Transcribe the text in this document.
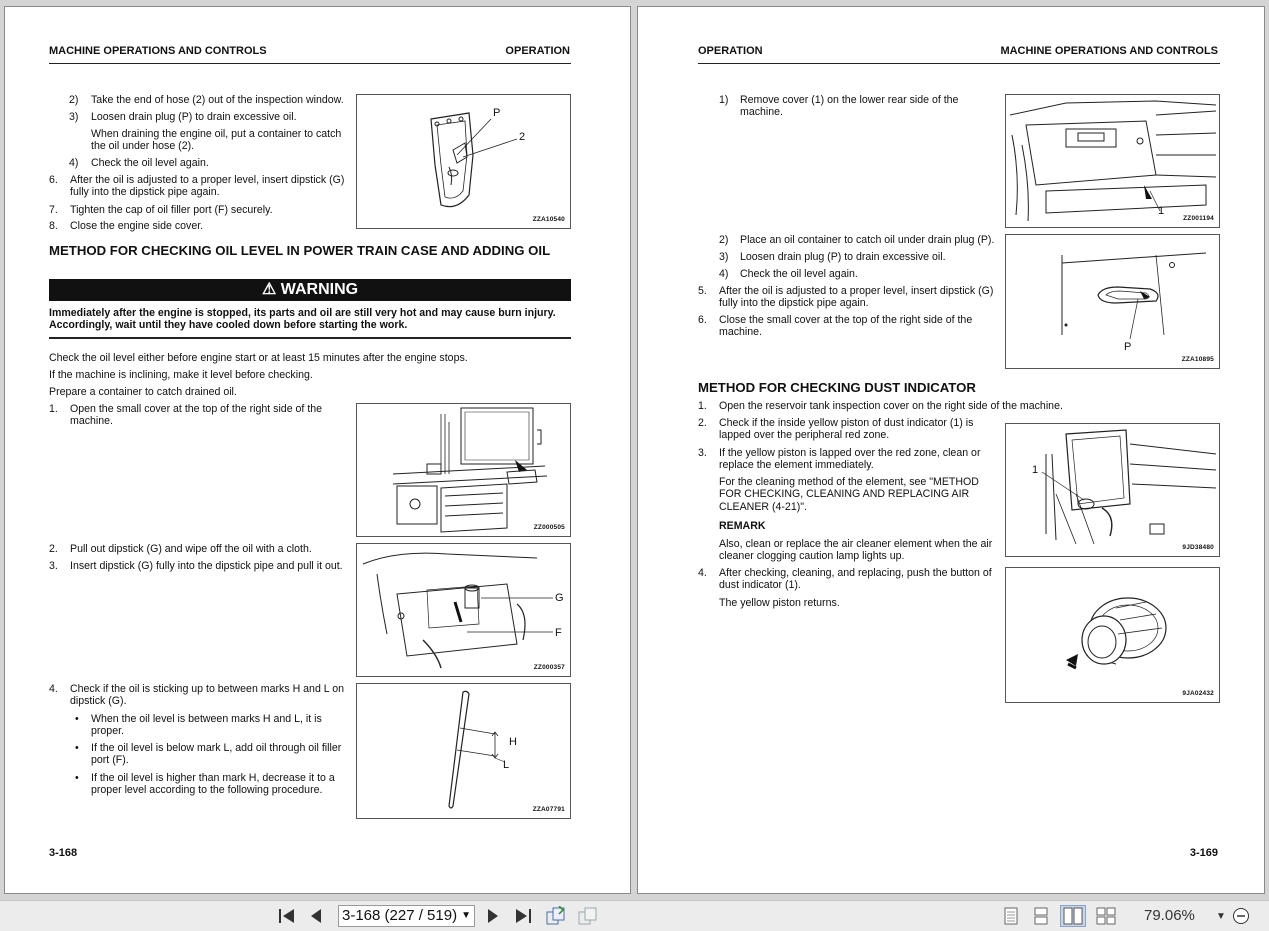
MACHINE OPERATIONS AND CONTROLS	OPERATION
2) Take the end of hose (2) out of the inspection window.
3) Loosen drain plug (P) to drain excessive oil.
When draining the engine oil, put a container to catch the oil under hose (2).
4) Check the oil level again.
6. After the oil is adjusted to a proper level, insert dipstick (G) fully into the dipstick pipe again.
7. Tighten the cap of oil filler port (F) securely.
8. Close the engine side cover.
P
2
ZZA10540
METHOD FOR CHECKING OIL LEVEL IN POWER TRAIN CASE AND ADDING OIL
⚠ WARNING
Immediately after the engine is stopped, its parts and oil are still very hot and may cause burn injury. Accordingly, wait until they have cooled down before starting the work.
Check the oil level either before engine start or at least 15 minutes after the engine stops.
If the machine is inclining, make it level before checking.
Prepare a container to catch drained oil.
1. Open the small cover at the top of the right side of the machine.
ZZ000505
2. Pull out dipstick (G) and wipe off the oil with a cloth.
3. Insert dipstick (G) fully into the dipstick pipe and pull it out.
G
F
ZZ000357
4. Check if the oil is sticking up to between marks H and L on dipstick (G).
• When the oil level is between marks H and L, it is proper.
• If the oil level is below mark L, add oil through oil filler port (F).
• If the oil level is higher than mark H, decrease it to a proper level according to the following procedure.
H
L
ZZA07791
3-168
OPERATION	MACHINE OPERATIONS AND CONTROLS
1) Remove cover (1) on the lower rear side of the machine.
1
ZZ001194
2) Place an oil container to catch oil under drain plug (P).
3) Loosen drain plug (P) to drain excessive oil.
4) Check the oil level again.
5. After the oil is adjusted to a proper level, insert dipstick (G) fully into the dipstick pipe again.
6. Close the small cover at the top of the right side of the machine.
P
ZZA10895
METHOD FOR CHECKING DUST INDICATOR
1. Open the reservoir tank inspection cover on the right side of the machine.
2. Check if the inside yellow piston of dust indicator (1) is lapped over the peripheral red zone.
3. If the yellow piston is lapped over the red zone, clean or replace the element immediately.
For the cleaning method of the element, see "METHOD FOR CHECKING, CLEANING AND REPLACING AIR CLEANER (4-21)".
REMARK
Also, clean or replace the air cleaner element when the air cleaner clogging caution lamp lights up.
4. After checking, cleaning, and replacing, push the button of dust indicator (1).
The yellow piston returns.
1
9JD38480
9JA02432
3-169
3-168 (227 / 519) ▼	79.06% ▼
